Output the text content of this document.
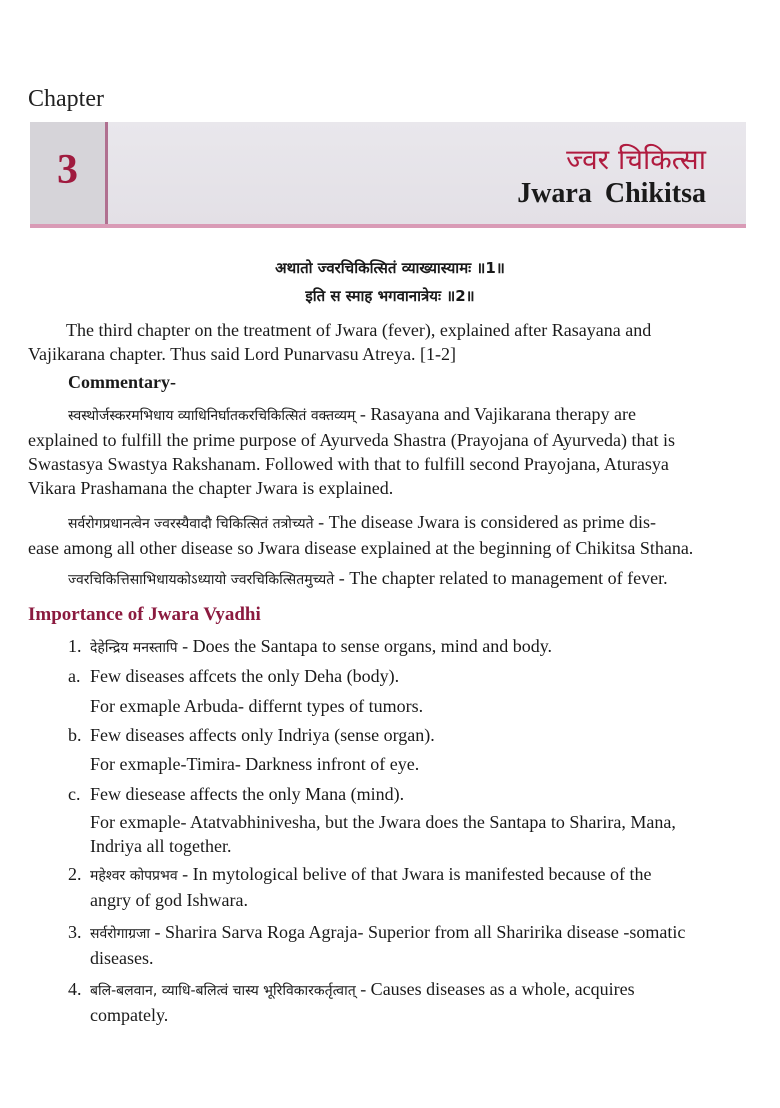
Chapter
3	ज्वर चिकित्सा
Jwara Chikitsa
अथातो ज्वरचिकित्सितं व्याख्यास्यामः ॥1॥
इति स स्माह भगवानात्रेयः ॥2॥
The third chapter on the treatment of Jwara (fever), explained after Rasayana and
Vajikarana chapter. Thus said Lord Punarvasu Atreya. [1-2]
Commentary-
स्वस्थोर्जस्करमभिधाय व्याधिनिर्घातकरचिकित्सितं वक्तव्यम् - Rasayana and Vajikarana therapy are
explained to fulfill the prime purpose of Ayurveda Shastra (Prayojana of Ayurveda) that is
Swastasya Swastya Rakshanam. Followed with that to fulfill second Prayojana, Aturasya
Vikara Prashamana the chapter Jwara is explained.
सर्वरोगप्रधानत्वेन ज्वरस्यैवादौ चिकित्सितं तत्रोच्यते - The disease Jwara is considered as prime dis-
ease among all other disease so Jwara disease explained at the beginning of Chikitsa Sthana.
ज्वरचिकित्तिसाभिधायकोऽध्यायो ज्वरचिकित्सितमुच्यते - The chapter related to management of fever.
Importance of Jwara Vyadhi
1. देहेन्द्रिय मनस्तापि - Does the Santapa to sense organs, mind and body.
a. Few diseases affcets the only Deha (body).
For exmaple Arbuda- differnt types of tumors.
b. Few diseases affects only Indriya (sense organ).
For exmaple-Timira- Darkness infront of eye.
c. Few diesease affects the only Mana (mind).
For exmaple- Atatvabhinivesha, but the Jwara does the Santapa to Sharira, Mana,
Indriya all together.
2. महेश्वर कोपप्रभव - In mytological belive of that Jwara is manifested because of the
angry of god Ishwara.
3. सर्वरोगाग्रजा - Sharira Sarva Roga Agraja- Superior from all Sharirika disease -somatic
diseases.
4. बलि-बलवान, व्याधि-बलित्वं चास्य भूरिविकारकर्तृत्वात् - Causes diseases as a whole, acquires
compately.
